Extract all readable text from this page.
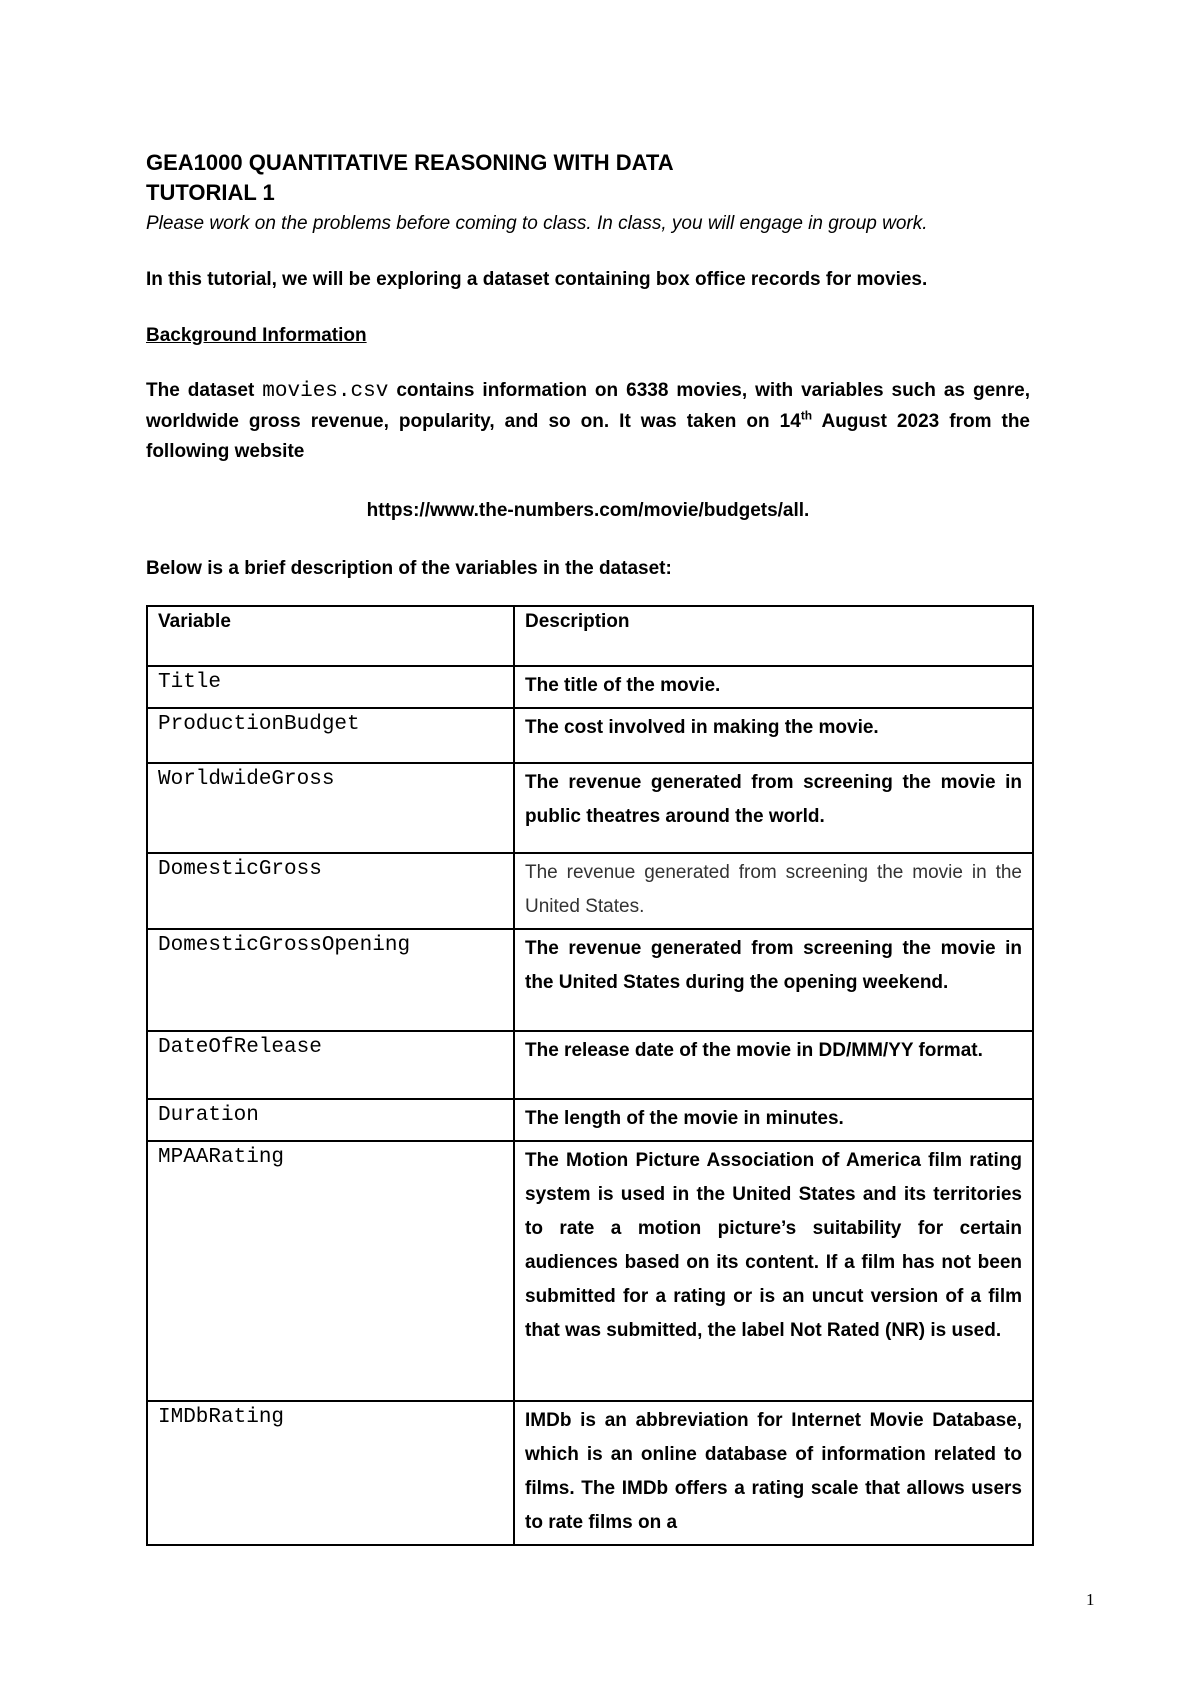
GEA1000 QUANTITATIVE REASONING WITH DATA
TUTORIAL 1
Please work on the problems before coming to class. In class, you will engage in group work.
In this tutorial, we will be exploring a dataset containing box office records for movies.
Background Information
The dataset movies.csv contains information on 6338 movies, with variables such as genre, worldwide gross revenue, popularity, and so on. It was taken on 14th August 2023 from the following website
https://www.the-numbers.com/movie/budgets/all.
Below is a brief description of the variables in the dataset:
Variable	Description
Title	The title of the movie.
ProductionBudget	The cost involved in making the movie.
WorldwideGross	The revenue generated from screening the movie in public theatres around the world.
DomesticGross	The revenue generated from screening the movie in the United States.
DomesticGrossOpening	The revenue generated from screening the movie in the United States during the opening weekend.
DateOfRelease	The release date of the movie in DD/MM/YY format.
Duration	The length of the movie in minutes.
MPAARating	The Motion Picture Association of America film rating system is used in the United States and its territories to rate a motion picture’s suitability for certain audiences based on its content. If a film has not been submitted for a rating or is an uncut version of a film that was submitted, the label Not Rated (NR) is used.
IMDbRating	IMDb is an abbreviation for Internet Movie Database, which is an online database of information related to films. The IMDb offers a rating scale that allows users to rate films on a
1
